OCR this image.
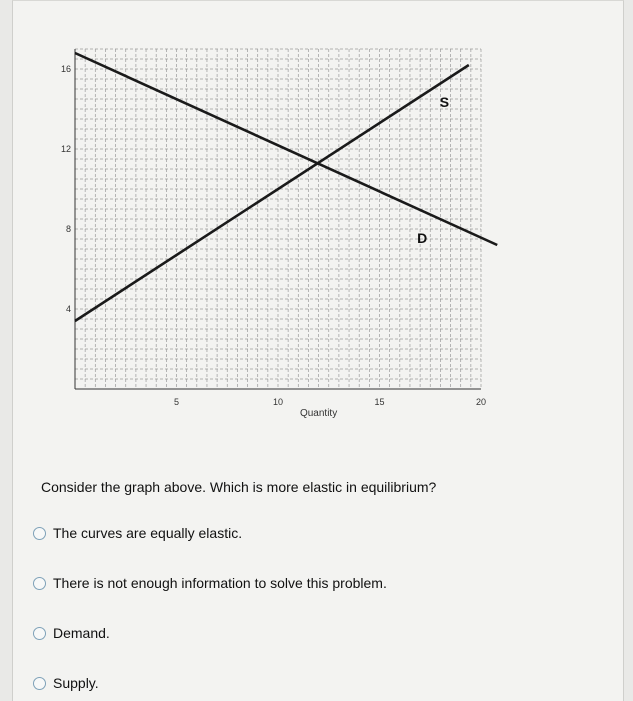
4
8
12
16
5	10	15	20
Quantity
S
D
Consider the graph above. Which is more elastic in equilibrium?
The curves are equally elastic.
There is not enough information to solve this problem.
Demand.
Supply.
